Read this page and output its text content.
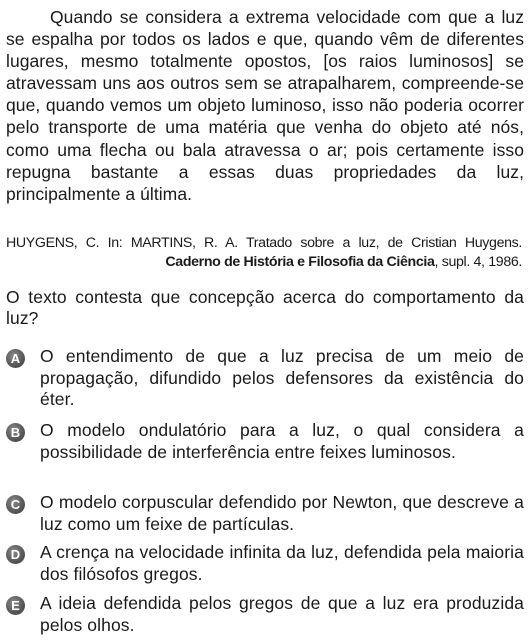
Quando se considera a extrema velocidade com que a luz se espalha por todos os lados e que, quando vêm de diferentes lugares, mesmo totalmente opostos, [os raios luminosos] se atravessam uns aos outros sem se atrapalharem, compreende-se que, quando vemos um objeto luminoso, isso não poderia ocorrer pelo transporte de uma matéria que venha do objeto até nós, como uma flecha ou bala atravessa o ar; pois certamente isso repugna bastante a essas duas propriedades da luz, principalmente a última.

HUYGENS, C. In: MARTINS, R. A. Tratado sobre a luz, de Cristian Huygens.
Caderno de História e Filosofia da Ciência, supl. 4, 1986.

O texto contesta que concepção acerca do comportamento da luz?

A O entendimento de que a luz precisa de um meio de propagação, difundido pelos defensores da existência do éter.
B O modelo ondulatório para a luz, o qual considera a possibilidade de interferência entre feixes luminosos.
C O modelo corpuscular defendido por Newton, que descreve a luz como um feixe de partículas.
D A crença na velocidade infinita da luz, defendida pela maioria dos filósofos gregos.
E A ideia defendida pelos gregos de que a luz era produzida pelos olhos.
